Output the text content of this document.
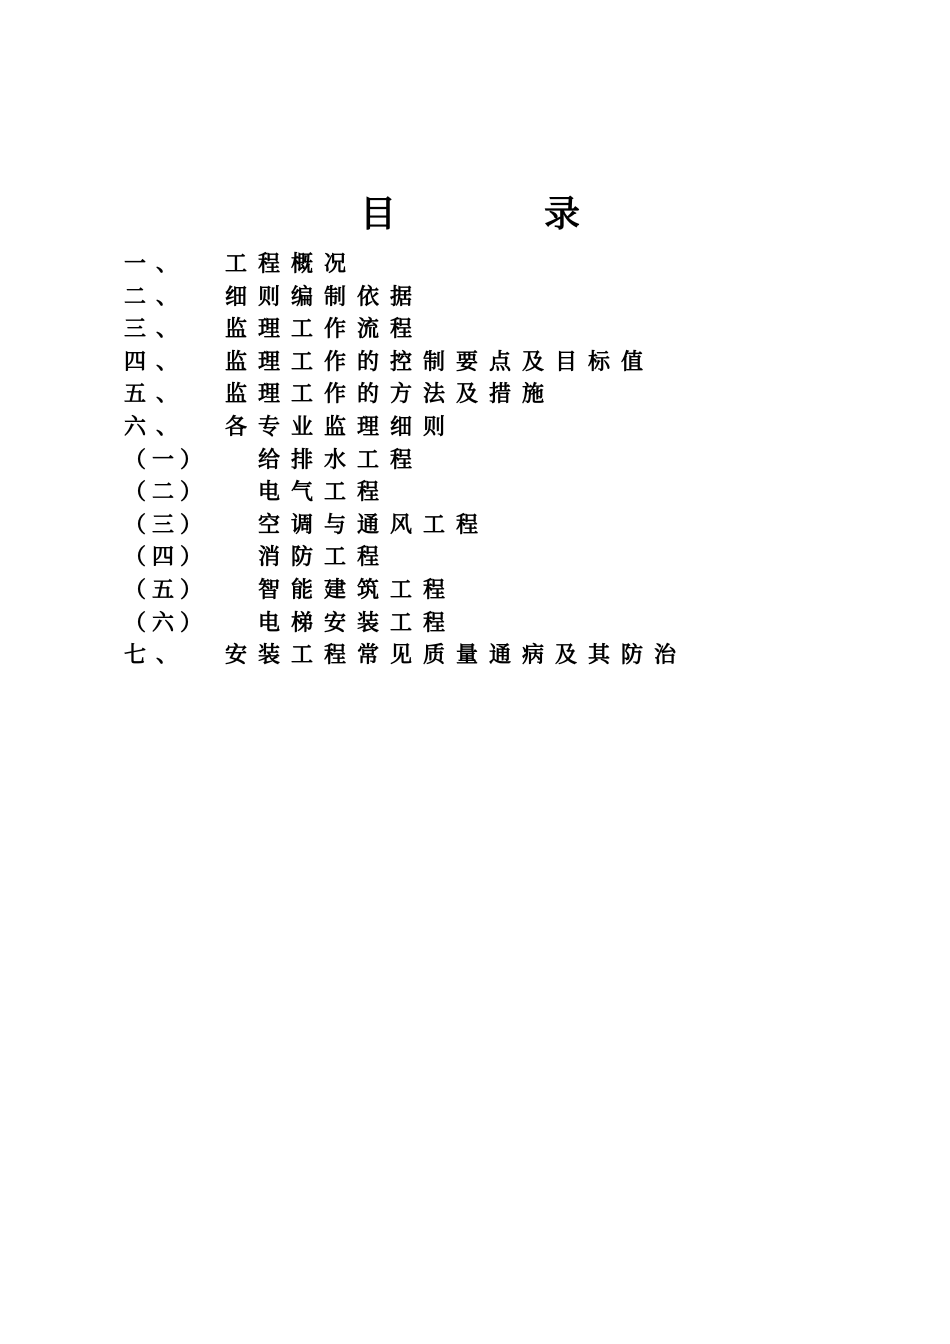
目	录
一、 工程概况
二、 细则编制依据
三、 监理工作流程
四、 监理工作的控制要点及目标值
五、 监理工作的方法及措施
六、 各专业监理细则
（一） 给排水工程
（二） 电气工程
（三） 空调与通风工程
（四） 消防工程
（五） 智能建筑工程
（六） 电梯安装工程
七、 安装工程常见质量通病及其防治
